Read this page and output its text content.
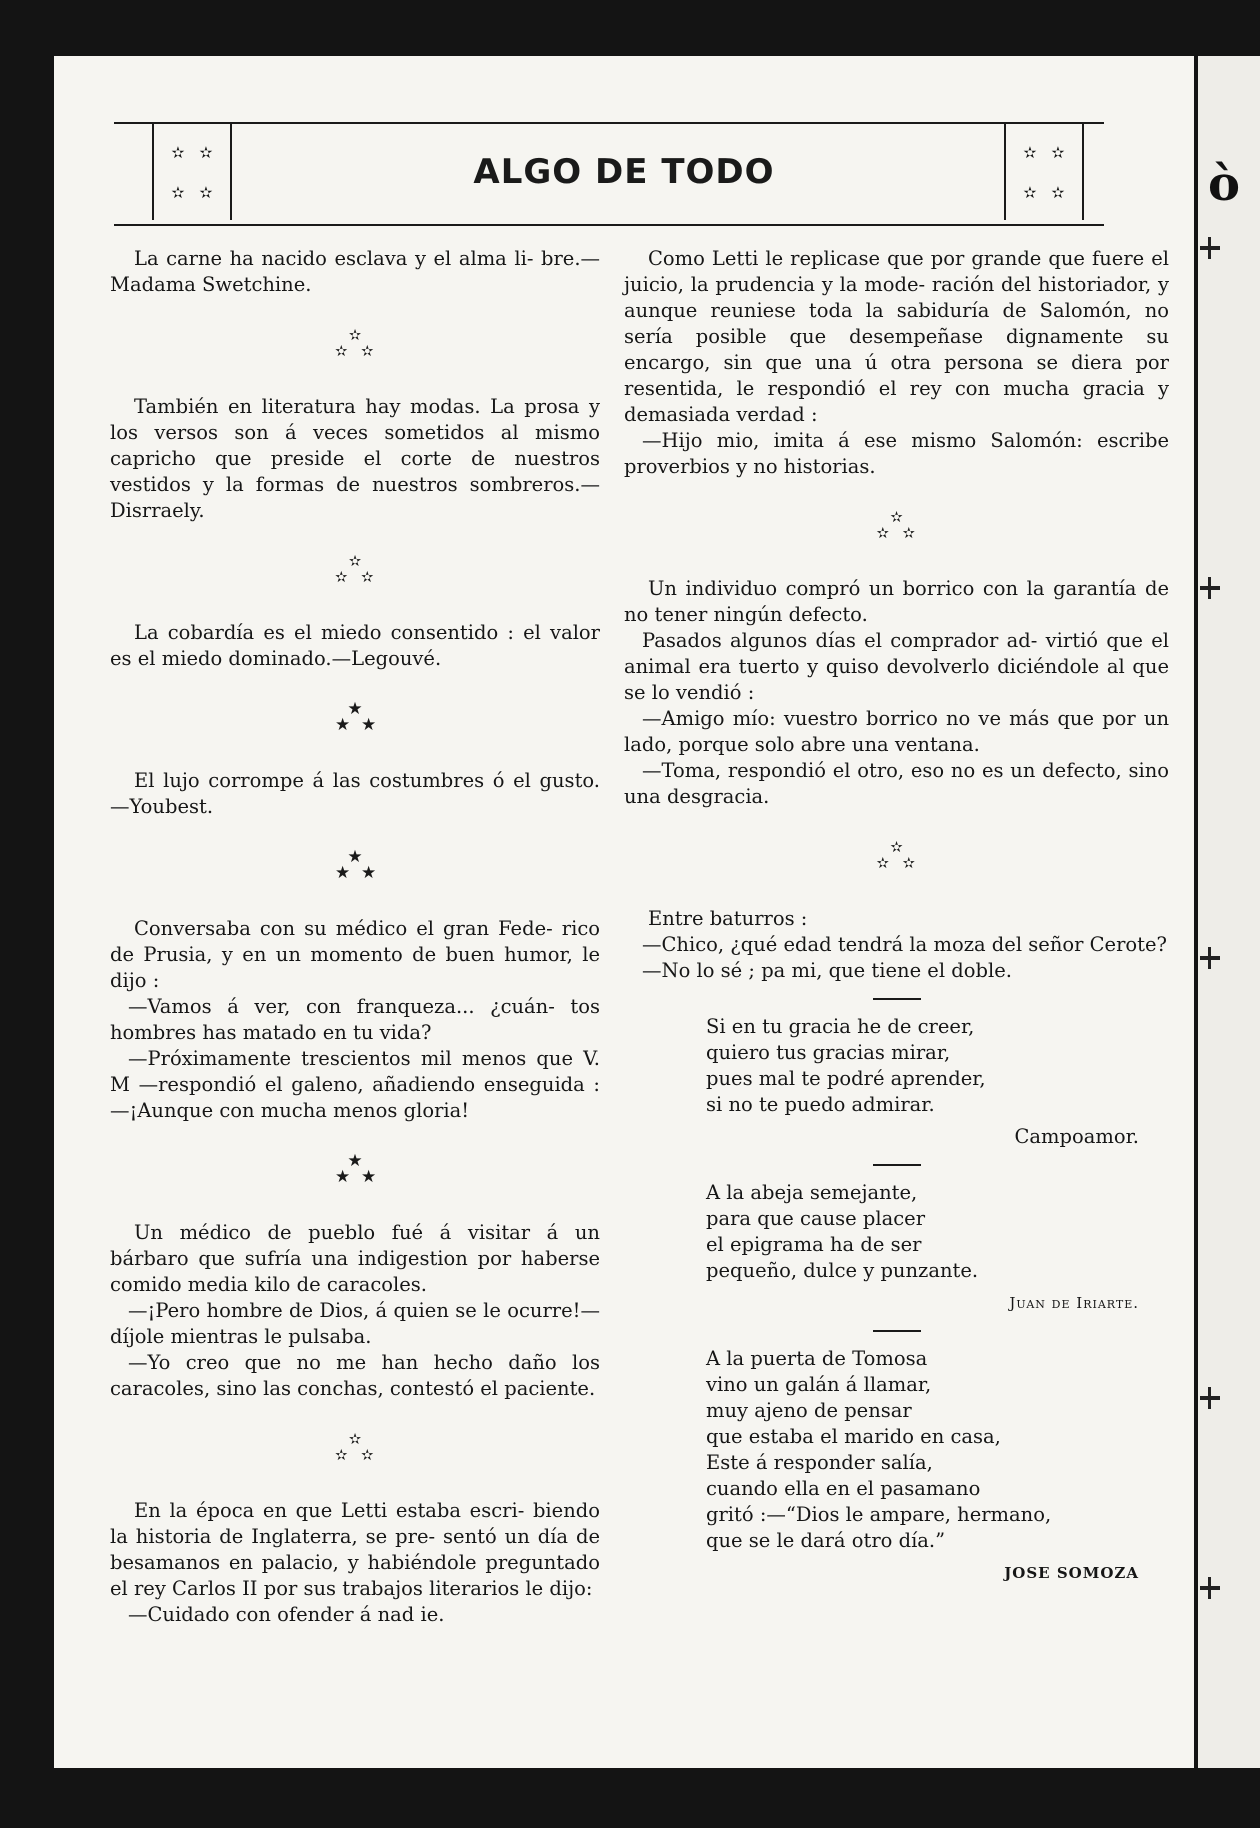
✫ ✫
✫ ✫	ALGO DE TODO	✫ ✫
✫ ✫

La carne ha nacido esclava y el alma li- bre.—Madama Swetchine.

✫
✫ ✫

También en literatura hay modas. La prosa y los versos son á veces sometidos al mismo capricho que preside el corte de nuestros vestidos y la formas de nuestros sombreros.—Disrraely.

✫
✫ ✫

La cobardía es el miedo consentido : el valor es el miedo dominado.—Legouvé.

★
★ ★

El lujo corrompe á las costumbres ó el gusto.—Youbest.

★
★ ★

Conversaba con su médico el gran Fede- rico de Prusia, y en un momento de buen humor, le dijo :

—Vamos á ver, con franqueza... ¿cuán- tos hombres has matado en tu vida?

—Próximamente trescientos mil menos que V. M —respondió el galeno, añadiendo enseguida :—¡Aunque con mucha menos gloria!

★
★ ★

Un médico de pueblo fué á visitar á un bárbaro que sufría una indigestion por haberse comido media kilo de caracoles.

—¡Pero hombre de Dios, á quien se le ocurre!—díjole mientras le pulsaba.

—Yo creo que no me han hecho daño los caracoles, sino las conchas, contestó el paciente.

✫
✫ ✫

En la época en que Letti estaba escri- biendo la historia de Inglaterra, se pre- sentó un día de besamanos en palacio, y habiéndole preguntado el rey Carlos II por sus trabajos literarios le dijo:

—Cuidado con ofender á nad ie.

Como Letti le replicase que por grande que fuere el juicio, la prudencia y la mode- ración del historiador, y aunque reuniese toda la sabiduría de Salomón, no sería posible que desempeñase dignamente su encargo, sin que una ú otra persona se diera por resentida, le respondió el rey con mucha gracia y demasiada verdad :

—Hijo mio, imita á ese mismo Salomón: escribe proverbios y no historias.

✫
✫ ✫

Un individuo compró un borrico con la garantía de no tener ningún defecto.

Pasados algunos días el comprador ad- virtió que el animal era tuerto y quiso devolverlo diciéndole al que se lo vendió :

—Amigo mío: vuestro borrico no ve más que por un lado, porque solo abre una ventana.

—Toma, respondió el otro, eso no es un defecto, sino una desgracia.

✫
✫ ✫

Entre baturros :

—Chico, ¿qué edad tendrá la moza del señor Cerote?

—No lo sé ; pa mi, que tiene el doble.

Si en tu gracia he de creer,

quiero tus gracias mirar,

pues mal te podré aprender,

si no te puedo admirar.

Campoamor.

A la abeja semejante,

para que cause placer

el epigrama ha de ser

pequeño, dulce y punzante.

Juan de Iriarte.

A la puerta de Tomosa

vino un galán á llamar,

muy ajeno de pensar

que estaba el marido en casa,

Este á responder salía,

cuando ella en el pasamano

gritó :—“Dios le ampare, hermano,

que se le dará otro día.”

JOSE SOMOZA
ò
